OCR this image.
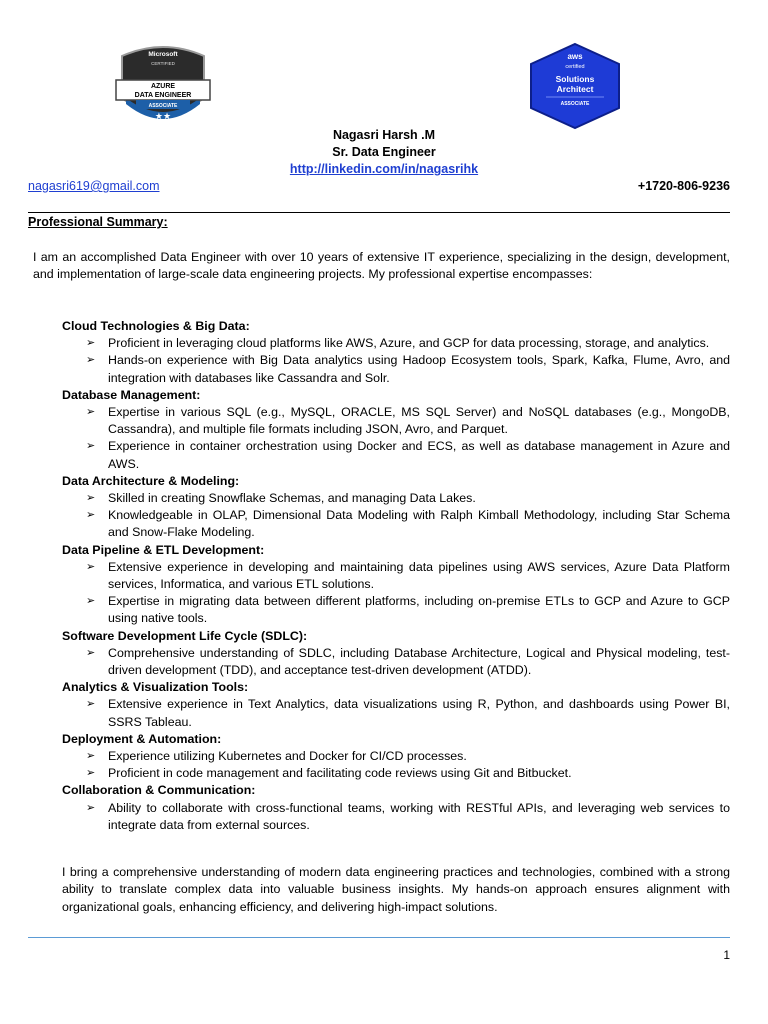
Microsoft
CERTIFIED
AZURE
DATA ENGINEER
ASSOCIATE
★★
aws
certified
Solutions
Architect
ASSOCIATE
Nagasri Harsh .M
Sr. Data Engineer
http://linkedin.com/in/nagasrihk
nagasri619@gmail.com	+1720-806-9236
Professional Summary:

I am an accomplished Data Engineer with over 10 years of extensive IT experience, specializing in the design, development, and implementation of large-scale data engineering projects. My professional expertise encompasses:

Cloud Technologies & Big Data:
➢ Proficient in leveraging cloud platforms like AWS, Azure, and GCP for data processing, storage, and analytics.
➢ Hands-on experience with Big Data analytics using Hadoop Ecosystem tools, Spark, Kafka, Flume, Avro, and integration with databases like Cassandra and Solr.
Database Management:
➢ Expertise in various SQL (e.g., MySQL, ORACLE, MS SQL Server) and NoSQL databases (e.g., MongoDB, Cassandra), and multiple file formats including JSON, Avro, and Parquet.
➢ Experience in container orchestration using Docker and ECS, as well as database management in Azure and AWS.
Data Architecture & Modeling:
➢ Skilled in creating Snowflake Schemas, and managing Data Lakes.
➢ Knowledgeable in OLAP, Dimensional Data Modeling with Ralph Kimball Methodology, including Star Schema and Snow-Flake Modeling.
Data Pipeline & ETL Development:
➢ Extensive experience in developing and maintaining data pipelines using AWS services, Azure Data Platform services, Informatica, and various ETL solutions.
➢ Expertise in migrating data between different platforms, including on-premise ETLs to GCP and Azure to GCP using native tools.
Software Development Life Cycle (SDLC):
➢ Comprehensive understanding of SDLC, including Database Architecture, Logical and Physical modeling, test-driven development (TDD), and acceptance test-driven development (ATDD).
Analytics & Visualization Tools:
➢ Extensive experience in Text Analytics, data visualizations using R, Python, and dashboards using Power BI, SSRS Tableau.
Deployment & Automation:
➢ Experience utilizing Kubernetes and Docker for CI/CD processes.
➢ Proficient in code management and facilitating code reviews using Git and Bitbucket.
Collaboration & Communication:
➢ Ability to collaborate with cross-functional teams, working with RESTful APIs, and leveraging web services to integrate data from external sources.

I bring a comprehensive understanding of modern data engineering practices and technologies, combined with a strong ability to translate complex data into valuable business insights. My hands-on approach ensures alignment with organizational goals, enhancing efficiency, and delivering high-impact solutions.

1
